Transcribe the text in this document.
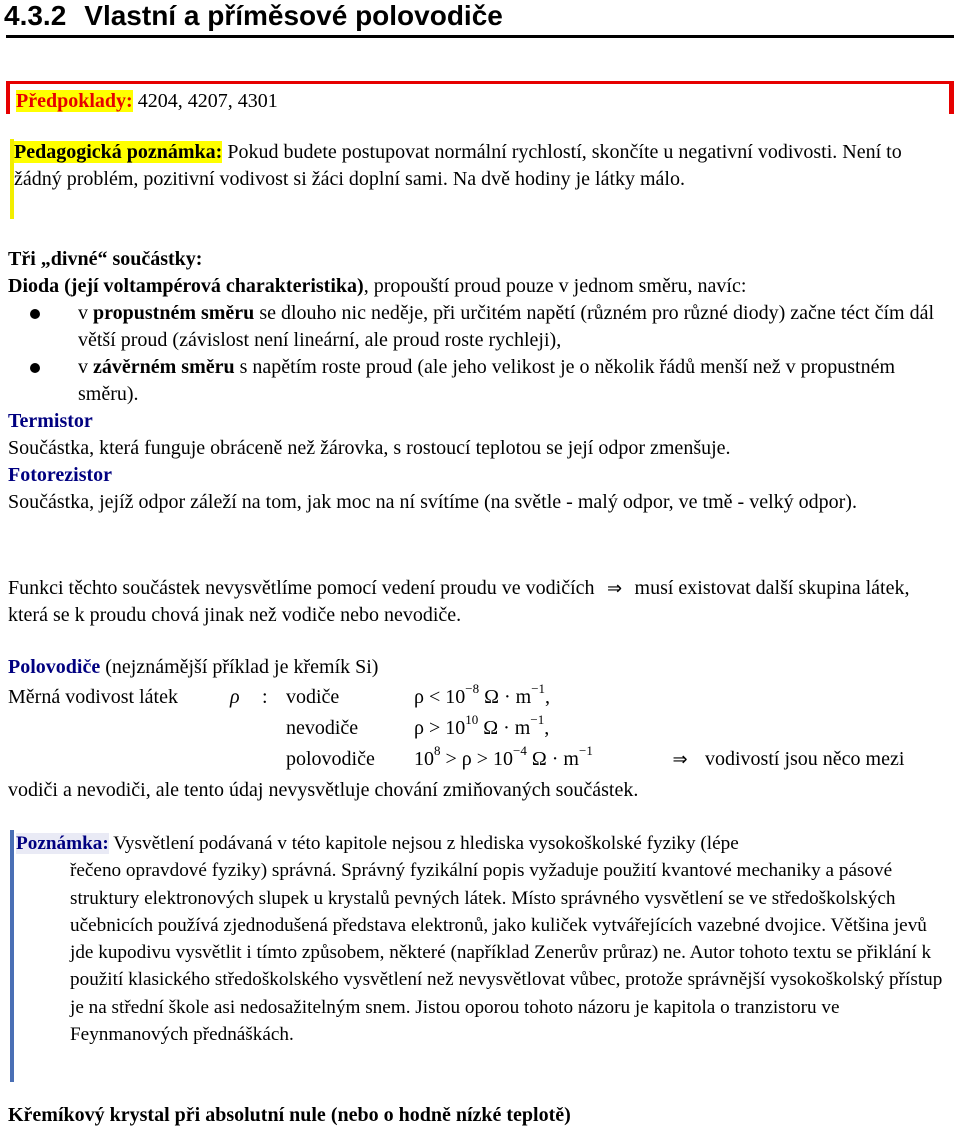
4.3.2 Vlastní a příměsové polovodiče
Předpoklady: 4204, 4207, 4301
Pedagogická poznámka: Pokud budete postupovat normální rychlostí, skončíte u negativní vodivosti. Není to žádný problém, pozitivní vodivost si žáci doplní sami. Na dvě hodiny je látky málo.

Tři „divné“ součástky:

Dioda (její voltampérová charakteristika), propouští proud pouze v jednom směru, navíc:

v propustném směru se dlouho nic neděje, při určitém napětí (různém pro různé diody) začne téct čím dál větší proud (závislost není lineární, ale proud roste rychleji),
v závěrném směru s napětím roste proud (ale jeho velikost je o několik řádů menší než v propustném směru).

Termistor

Součástka, která funguje obráceně než žárovka, s rostoucí teplotou se její odpor zmenšuje.

Fotorezistor

Součástka, jejíž odpor záleží na tom, jak moc na ní svítíme (na světle - malý odpor, ve tmě - velký odpor).

Funkci těchto součástek nevysvětlíme pomocí vedení proudu ve vodičích ⇒ musí existovat další skupina látek, která se k proudu chová jinak než vodiče nebo nevodiče.

Polovodiče (nejznámější příklad je křemík Si)

Měrná vodivost látek	ρ : vodiče	$\rho < 10^{-8}$ $\Omega \cdot m^{-1}$,
nevodiče	$\rho > 10^{10}$ $\Omega \cdot m^{-1}$,
polovodiče $10^8 > \rho > 10^{-4}$ $\Omega \cdot m^{-1}$	⇒ vodivostí jsou něco mezi

vodiči a nevodiči, ale tento údaj nevysvětluje chování zmiňovaných součástek.

Poznámka: Vysvětlení podávaná v této kapitole nejsou z hlediska vysokoškolské fyziky (lépe
řečeno opravdové fyziky) správná. Správný fyzikální popis vyžaduje použití kvantové mechaniky a pásové struktury elektronových slupek u krystalů pevných látek. Místo správného vysvětlení se ve středoškolských učebnicích používá zjednodušená představa elektronů, jako kuliček vytvářejících vazebné dvojice. Většina jevů jde kupodivu vysvětlit i tímto způsobem, některé (například Zenerův průraz) ne. Autor tohoto textu se přiklání k použití klasického středoškolského vysvětlení než nevysvětlovat vůbec, protože správnější vysokoškolský přístup je na střední škole asi nedosažitelným snem. Jistou oporou tohoto názoru je kapitola o tranzistoru ve Feynmanových přednáškách.
Křemíkový krystal při absolutní nule (nebo o hodně nízké teplotě)
